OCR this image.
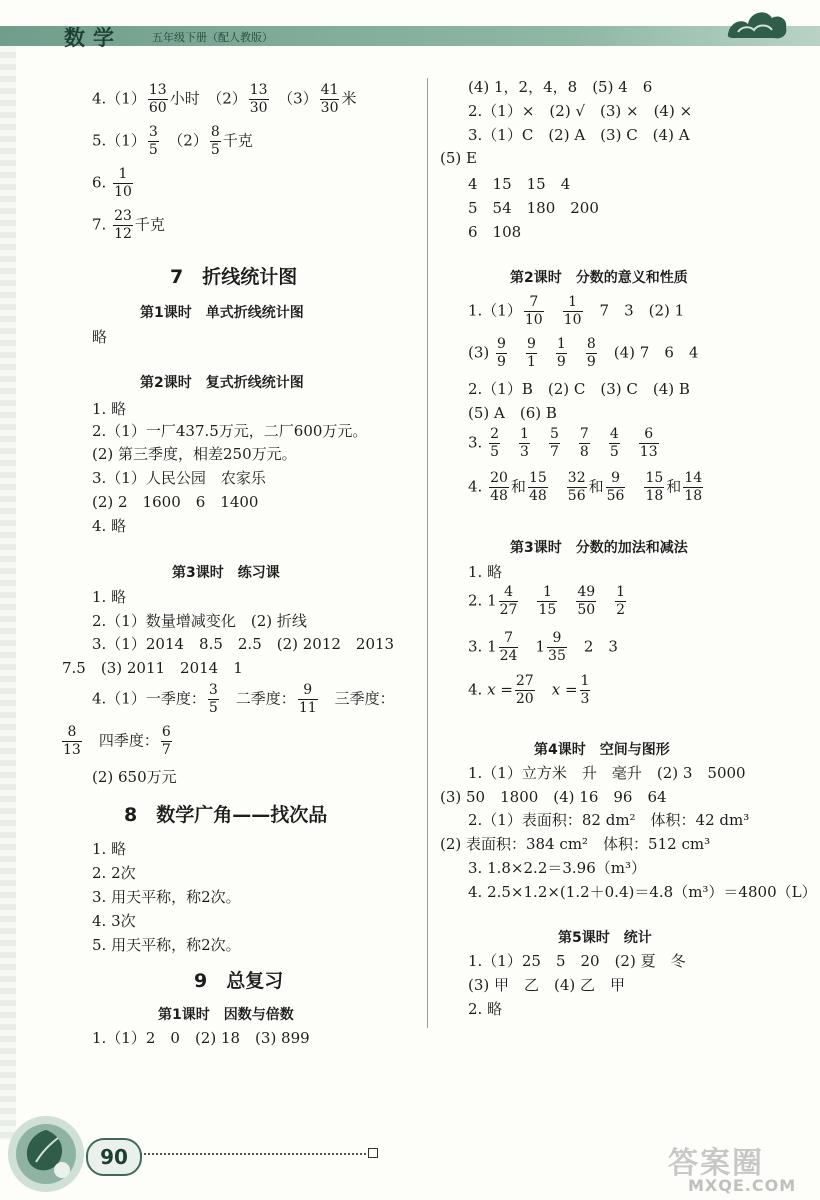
数学	五年级下册（配人教版）
$4.(1) \frac{13}{60}$ 小时　 $(2) \frac{13}{30}$
　 $(3) \frac{41}{30}$ 米
$5.(1) \frac{3}{5}$
　 $(2) \frac{8}{5}$ 千克
6. $\frac{1}{10}$
7. $\frac{23}{12}$ 千克
7　折线统计图
第1课时　单式折线统计图
略
第2课时　复式折线统计图
1. 略
2.（1）一厂437.5万元，二厂600万元。
(2) 第三季度，相差250万元。
3.（1）人民公园　农家乐
(2) 2　1600　6　1400
4. 略
第3课时　练习课
1. 略
2.（1）数量增减变化　(2) 折线
3.（1）2014　8.5　2.5　(2) 2012　2013
7.5　(3) 2011　2014　1
4.（1）一季度： $\frac{3}{5}$
　 二季度： $\frac{9}{11}$
　 三季度：
$\frac{8}{13}$
　 四季度： $\frac{6}{7}$
(2) 650万元
8　数学广角——找次品
1. 略
2. 2次
3. 用天平称，称2次。
4. 3次
5. 用天平称，称2次。
9　总复习
第1课时　因数与倍数
1.（1）2　0　(2) 18　(3) 899
(4) 1，2，4，8　(5) 4　6
2.（1）×　(2) √　(3) ×　(4) ×
3.（1）C　(2) A　(3) C　(4) A
(5) E
4　15　15　4
5　54　180　200
6　108
第2课时　分数的意义和性质
$1.(1) \frac{7}{10}$
　 $\frac{1}{10}$
　 7　3　(2) 1
$(3) \frac{9}{9}$
　 $\frac{9}{1}$
　 $\frac{1}{9}$
　 $\frac{8}{9}$
　 (4) 7　6　4
2.（1）B　(2) C　(3) C　(4) B
(5) A　(6) B
3. $\frac{2}{5}$
　 $\frac{1}{3}$
　 $\frac{5}{7}$
　 $\frac{7}{8}$
　 $\frac{4}{5}$
　 $\frac{6}{13}$
4. $\frac{20}{48}$ 和 $\frac{15}{48}$
　 $\frac{32}{56}$ 和 $\frac{9}{56}$
　 $\frac{15}{18}$ 和 $\frac{14}{18}$
第3课时　分数的加法和减法
1. 略
2. $1 \frac{4}{27}$
　 $\frac{1}{15}$
　 $\frac{49}{50}$
　 $\frac{1}{2}$
3. $1 \frac{7}{24}$
　 $1 \frac{9}{35}$
　 2　3
4. $x = \frac{27}{20}$
　 $x = \frac{1}{3}$
第4课时　空间与图形
1.（1）立方米　升　毫升　(2) 3　5000
(3) 50　1800　(4) 16　96　64
2.（1）表面积：82 dm²　体积：42 dm³
(2) 表面积：384 cm²　体积：512 cm³
3. 1.8×2.2＝3.96（m³）
4. 2.5×1.2×(1.2＋0.4)＝4.8（m³）＝4800（L）
第5课时　统计
1.（1）25　5　20　(2) 夏　冬
(3) 甲　乙　(4) 乙　甲
2. 略
90	答案圈
MXQE.COM
